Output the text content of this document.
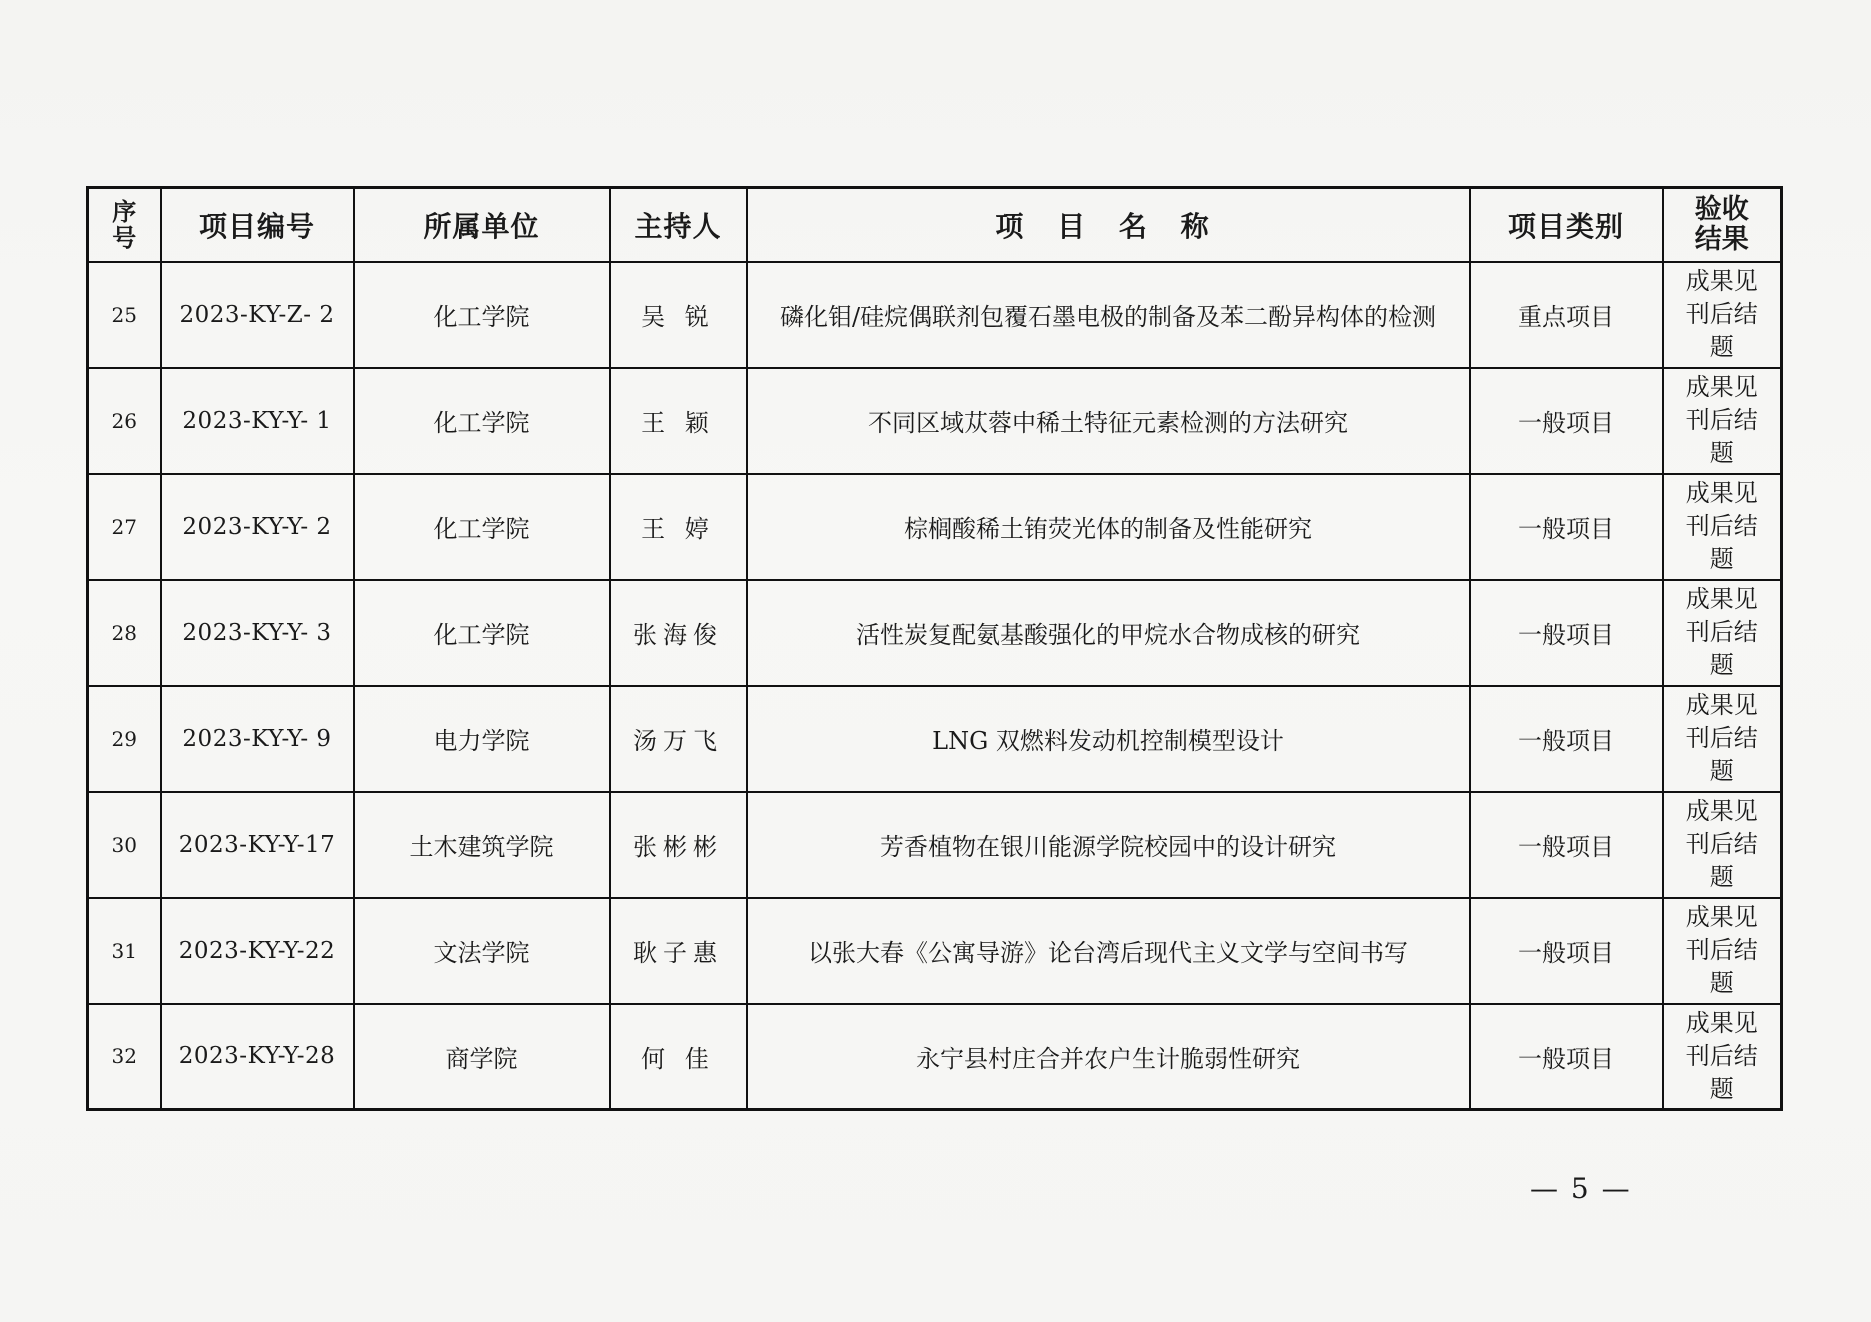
序号	项目编号	所属单位	主持人	项 目 名 称	项目类别	验收结果

25	2023-KY-Z- 2	化工学院	吴 锐	磷化钼/硅烷偶联剂包覆石墨电极的制备及苯二酚异构体的检测	重点项目	成果见刊后结题

26	2023-KY-Y- 1	化工学院	王 颖	不同区域苁蓉中稀土特征元素检测的方法研究	一般项目	成果见刊后结题

27	2023-KY-Y- 2	化工学院	王 婷	棕榈酸稀土铕荧光体的制备及性能研究	一般项目	成果见刊后结题

28	2023-KY-Y- 3	化工学院	张海俊	活性炭复配氨基酸强化的甲烷水合物成核的研究	一般项目	成果见刊后结题

29	2023-KY-Y- 9	电力学院	汤万飞	LNG 双燃料发动机控制模型设计	一般项目	成果见刊后结题

30	2023-KY-Y-17	土木建筑学院	张彬彬	芳香植物在银川能源学院校园中的设计研究	一般项目	成果见刊后结题

31	2023-KY-Y-22	文法学院	耿子惠	以张大春《公寓导游》论台湾后现代主义文学与空间书写	一般项目	成果见刊后结题

32	2023-KY-Y-28	商学院	何 佳	永宁县村庄合并农户生计脆弱性研究	一般项目	成果见刊后结题
— 5 —
